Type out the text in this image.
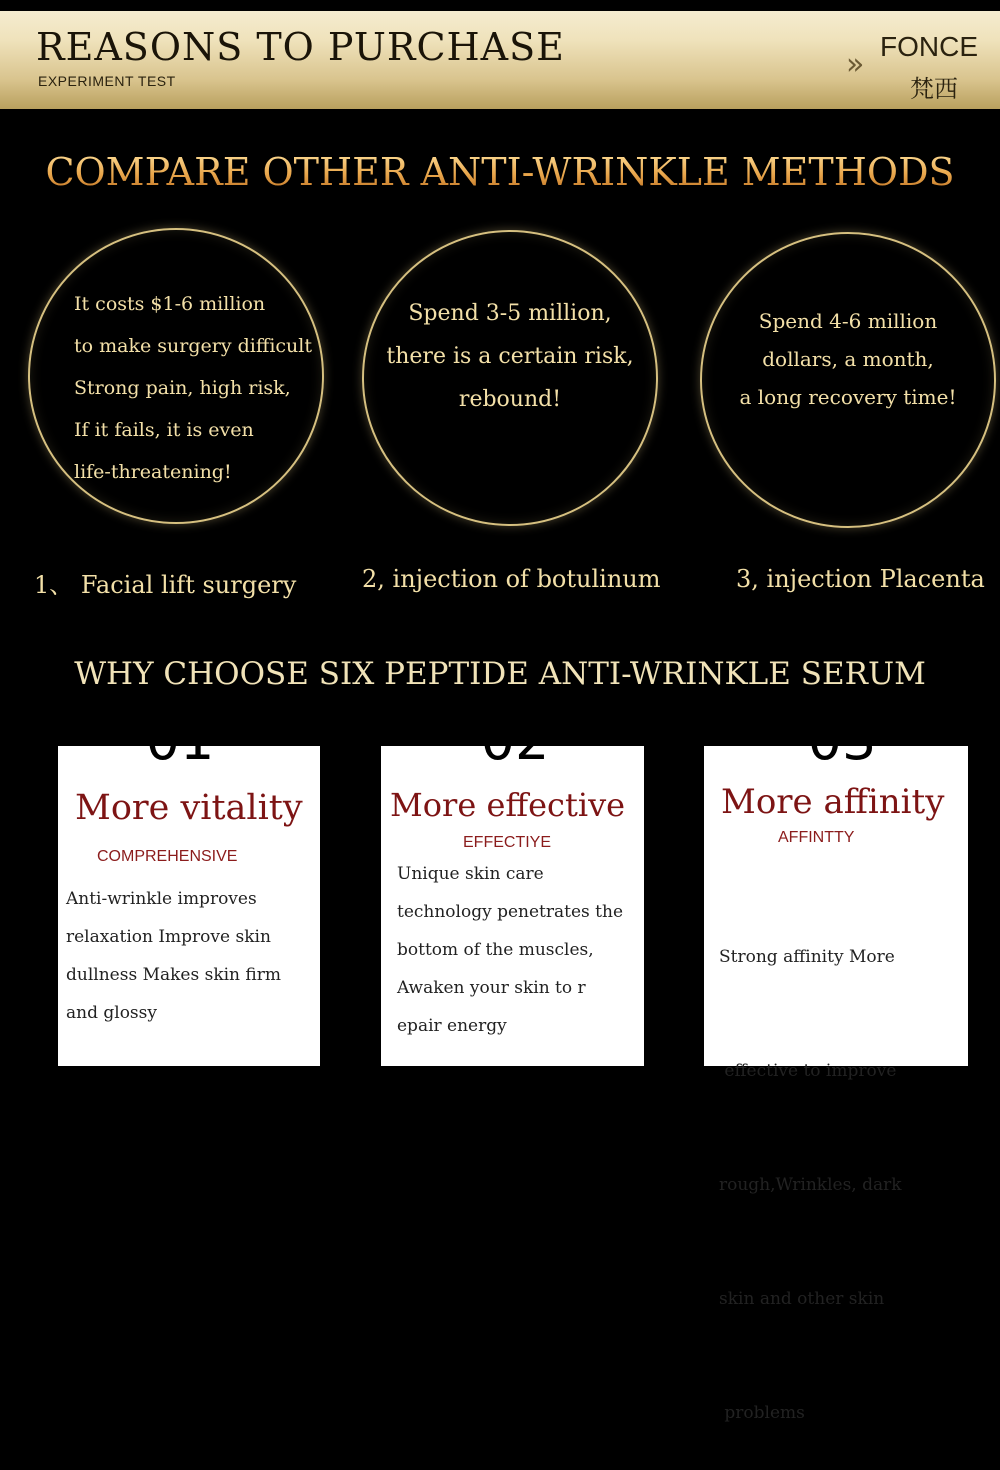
REASONS TO PURCHASE
EXPERIMENT TEST	»
FONCE
梵西
COMPARE OTHER ANTI-WRINKLE METHODS
It costs $1-6 million
to make surgery difficult
Strong pain, high risk,
If it fails, it is even
life-threatening!
Spend 3-5 million,
there is a certain risk,
rebound!
Spend 4-6 million
dollars, a month,
a long recovery time!
1、 Facial lift surgery	2, injection of botulinum	3, injection Placenta
WHY CHOOSE SIX PEPTIDE ANTI-WRINKLE SERUM
01
More vitality
COMPREHENSIVE
Anti-wrinkle improves
relaxation Improve skin
dullness Makes skin firm
and glossy
02
More effective
EFFECTIYE
Unique skin care
technology penetrates the
bottom of the muscles,
Awaken your skin to r
epair energy
03
More affinity
AFFINTTY

Strong affinity More

effective to improve

rough,Wrinkles, dark

skin and other skin

problems
